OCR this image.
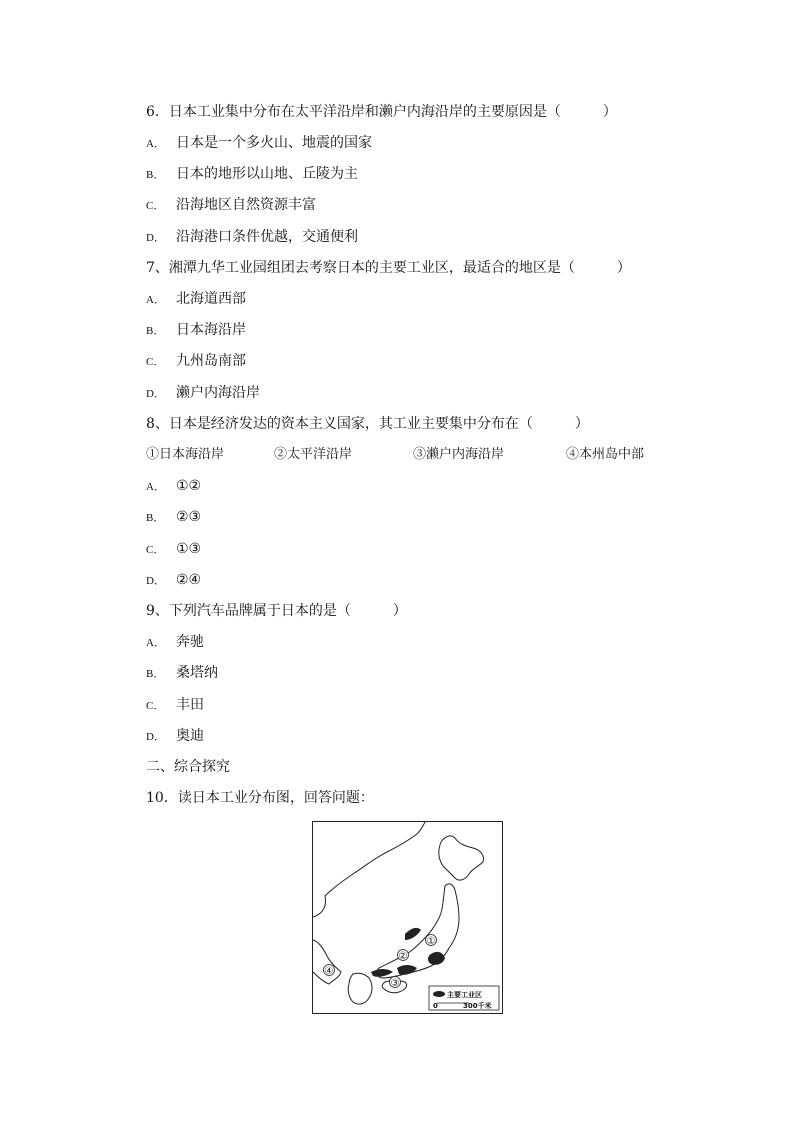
6．日本工业集中分布在太平洋沿岸和濑户内海沿岸的主要原因是（　　　）
A． 日本是一个多火山、地震的国家
B． 日本的地形以山地、丘陵为主
C． 沿海地区自然资源丰富
D． 沿海港口条件优越，交通便利
7、湘潭九华工业园组团去考察日本的主要工业区，最适合的地区是（　　　）
A． 北海道西部
B． 日本海沿岸
C． 九州岛南部
D． 濑户内海沿岸
8、日本是经济发达的资本主义国家，其工业主要集中分布在（　　　）
①日本海沿岸	②太平洋沿岸	③濑户内海沿岸	④本州岛中部
A． ①②
B． ②③
C． ①③
D． ②④
9、下列汽车品牌属于日本的是（　　　）
A． 奔驰
B． 桑塔纳
C． 丰田
D． 奥迪
二、综合探究
10．读日本工业分布图，回答问题：
①
②
③
④
主要工业区
0	300千米
